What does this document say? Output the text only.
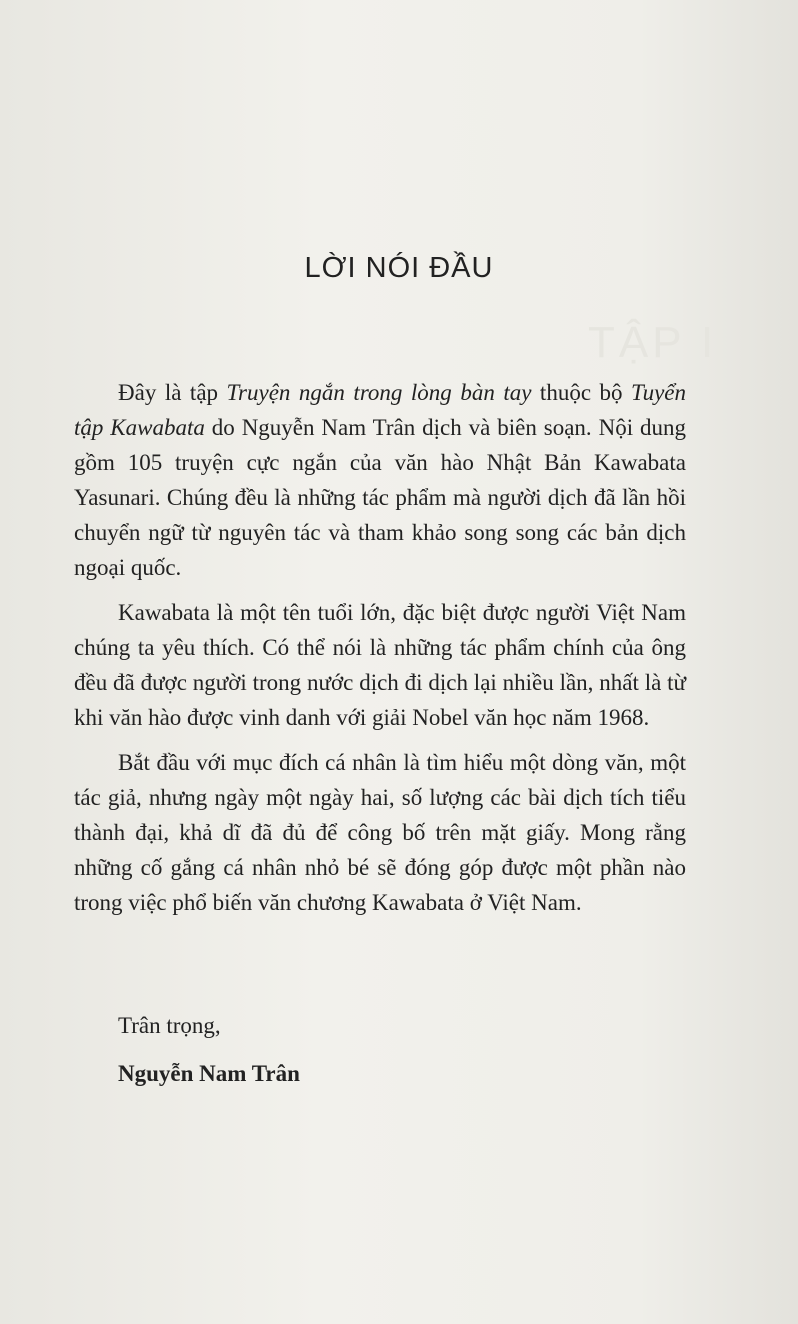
TẬP I
LỜI NÓI ĐẦU

Đây là tập Truyện ngắn trong lòng bàn tay thuộc bộ Tuyển tập Kawabata do Nguyễn Nam Trân dịch và biên soạn. Nội dung gồm 105 truyện cực ngắn của văn hào Nhật Bản Kawabata Yasunari. Chúng đều là những tác phẩm mà người dịch đã lần hồi chuyển ngữ từ nguyên tác và tham khảo song song các bản dịch ngoại quốc.

Kawabata là một tên tuổi lớn, đặc biệt được người Việt Nam chúng ta yêu thích. Có thể nói là những tác phẩm chính của ông đều đã được người trong nước dịch đi dịch lại nhiều lần, nhất là từ khi văn hào được vinh danh với giải Nobel văn học năm 1968.

Bắt đầu với mục đích cá nhân là tìm hiểu một dòng văn, một tác giả, nhưng ngày một ngày hai, số lượng các bài dịch tích tiểu thành đại, khả dĩ đã đủ để công bố trên mặt giấy. Mong rằng những cố gắng cá nhân nhỏ bé sẽ đóng góp được một phần nào trong việc phổ biến văn chương Kawabata ở Việt Nam.

Trân trọng,
Nguyễn Nam Trân
